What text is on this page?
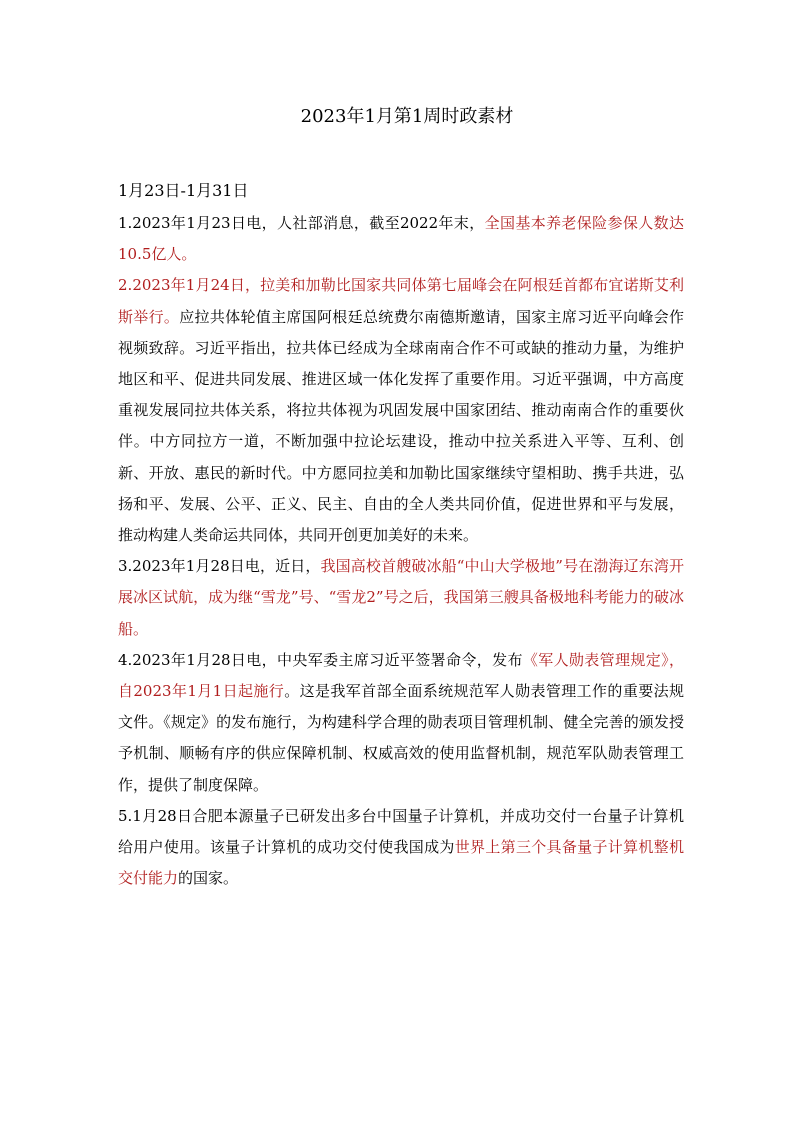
2023年1月第1周时政素材

1月23日-1月31日

1.2023年1月23日电，人社部消息，截至2022年末，全国基本养老保险参保人数达10.5亿人。

2.2023年1月24日，拉美和加勒比国家共同体第七届峰会在阿根廷首都布宜诺斯艾利斯举行。应拉共体轮值主席国阿根廷总统费尔南德斯邀请，国家主席习近平向峰会作视频致辞。习近平指出，拉共体已经成为全球南南合作不可或缺的推动力量，为维护地区和平、促进共同发展、推进区域一体化发挥了重要作用。习近平强调，中方高度重视发展同拉共体关系，将拉共体视为巩固发展中国家团结、推动南南合作的重要伙伴。中方同拉方一道，不断加强中拉论坛建设，推动中拉关系进入平等、互利、创新、开放、惠民的新时代。中方愿同拉美和加勒比国家继续守望相助、携手共进，弘扬和平、发展、公平、正义、民主、自由的全人类共同价值，促进世界和平与发展，推动构建人类命运共同体，共同开创更加美好的未来。

3.2023年1月28日电，近日，我国高校首艘破冰船“中山大学极地”号在渤海辽东湾开展冰区试航，成为继“雪龙”号、“雪龙2”号之后，我国第三艘具备极地科考能力的破冰船。

4.2023年1月28日电，中央军委主席习近平签署命令，发布《军人勋表管理规定》，自2023年1月1日起施行。这是我军首部全面系统规范军人勋表管理工作的重要法规文件。《规定》的发布施行，为构建科学合理的勋表项目管理机制、健全完善的颁发授予机制、顺畅有序的供应保障机制、权威高效的使用监督机制，规范军队勋表管理工作，提供了制度保障。

5.1月28日合肥本源量子已研发出多台中国量子计算机，并成功交付一台量子计算机给用户使用。该量子计算机的成功交付使我国成为世界上第三个具备量子计算机整机交付能力的国家。
